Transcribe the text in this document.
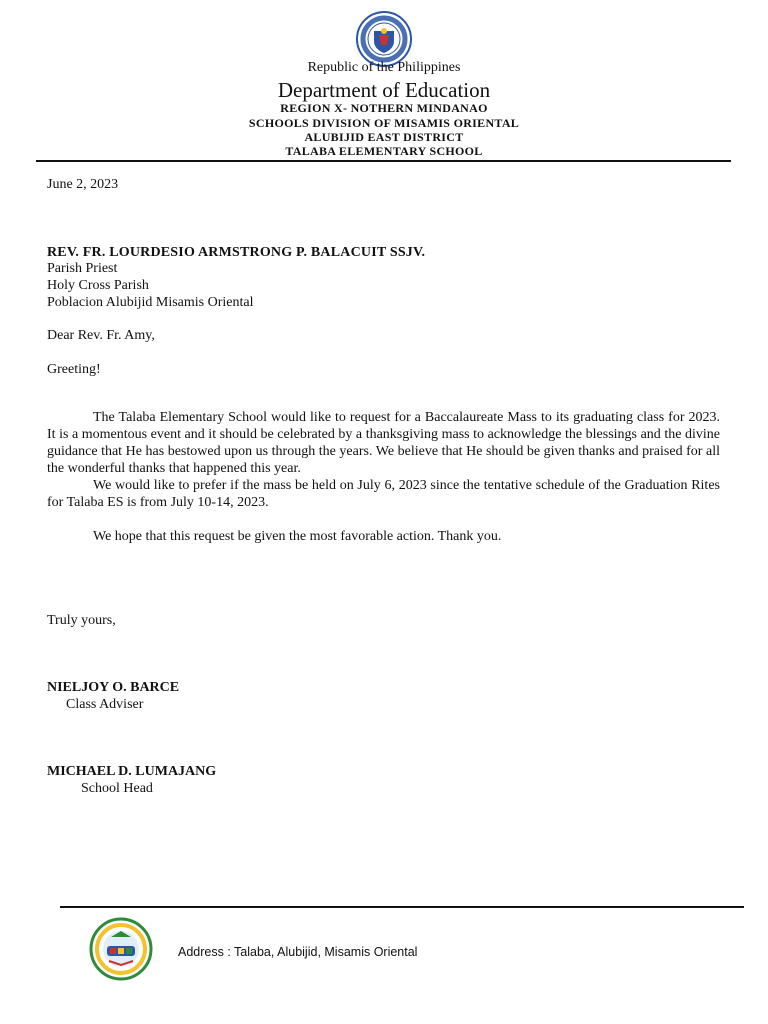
Republic of the Philippines
Department of Education
REGION X- NOTHERN MINDANAO
SCHOOLS DIVISION OF MISAMIS ORIENTAL
ALUBIJID EAST DISTRICT
TALABA ELEMENTARY SCHOOL
June 2, 2023
REV. FR. LOURDESIO ARMSTRONG P. BALACUIT SSJV.
Parish Priest
Holy Cross Parish
Poblacion Alubijid Misamis Oriental
Dear Rev. Fr. Amy,
Greeting!
The Talaba Elementary School would like to request for a Baccalaureate Mass to its graduating class for 2023. It is a momentous event and it should be celebrated by a thanksgiving mass to acknowledge the blessings and the divine guidance that He has bestowed upon us through the years. We believe that He should be given thanks and praised for all the wonderful thanks that happened this year.
We would like to prefer if the mass be held on July 6, 2023 since the tentative schedule of the Graduation Rites for Talaba ES is from July 10-14, 2023.
We hope that this request be given the most favorable action. Thank you.
Truly yours,
NIELJOY O. BARCE
Class Adviser
MICHAEL D. LUMAJANG
School Head
Address : Talaba, Alubijid, Misamis Oriental
